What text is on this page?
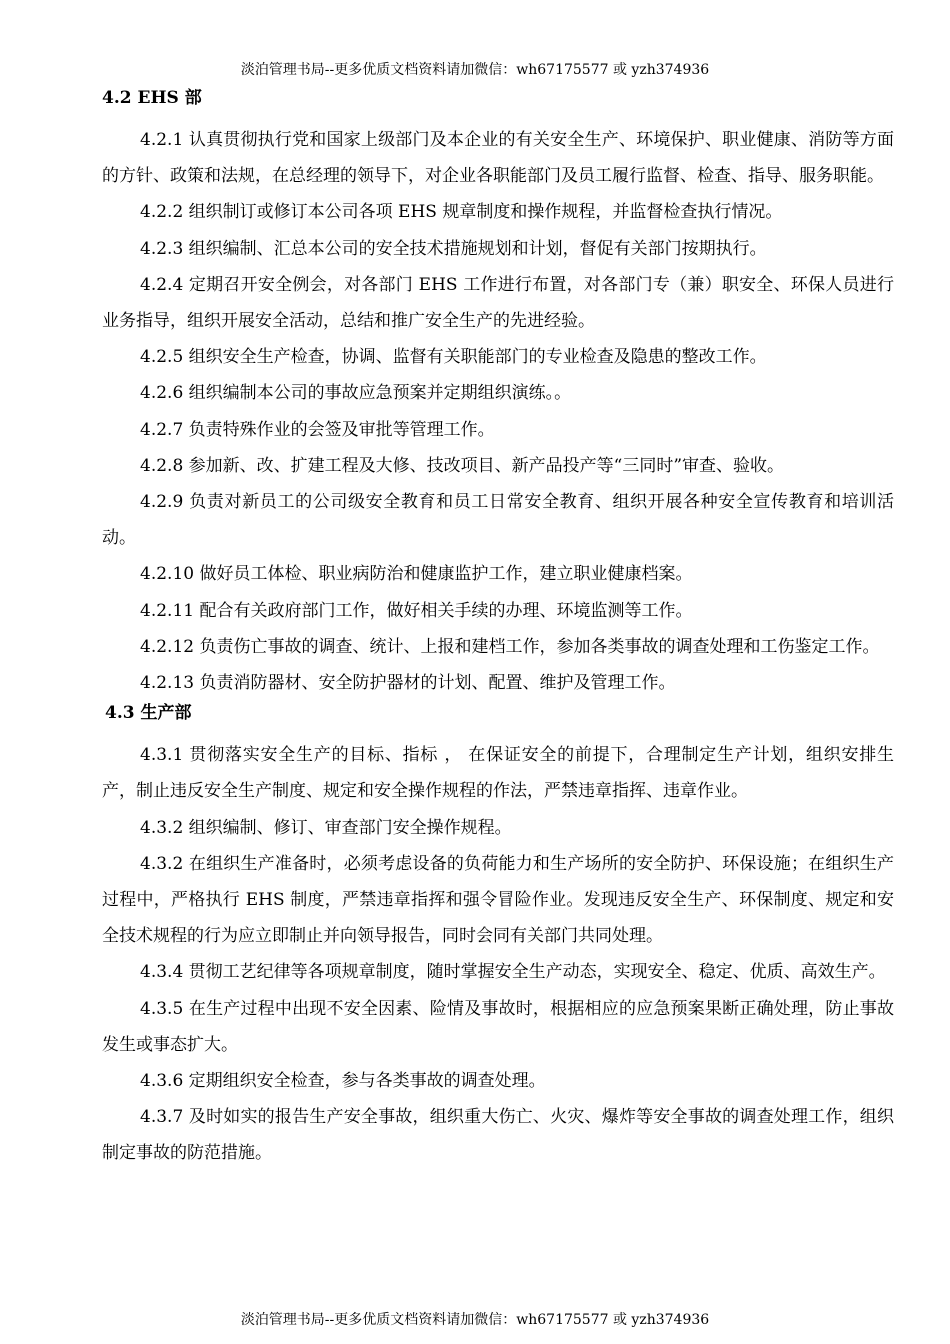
淡泊管理书局--更多优质文档资料请加微信：wh67175577 或 yzh374936
4.2 EHS 部

4.2.1 认真贯彻执行党和国家上级部门及本企业的有关安全生产、环境保护、职业健康、消防等方面的方针、政策和法规，在总经理的领导下，对企业各职能部门及员工履行监督、检查、指导、服务职能。

4.2.2 组织制订或修订本公司各项 EHS 规章制度和操作规程，并监督检查执行情况。

4.2.3 组织编制、汇总本公司的安全技术措施规划和计划，督促有关部门按期执行。

4.2.4 定期召开安全例会，对各部门 EHS 工作进行布置，对各部门专（兼）职安全、环保人员进行业务指导，组织开展安全活动，总结和推广安全生产的先进经验。

4.2.5 组织安全生产检查，协调、监督有关职能部门的专业检查及隐患的整改工作。

4.2.6 组织编制本公司的事故应急预案并定期组织演练。。

4.2.7 负责特殊作业的会签及审批等管理工作。

4.2.8 参加新、改、扩建工程及大修、技改项目、新产品投产等“三同时”审查、验收。

4.2.9 负责对新员工的公司级安全教育和员工日常安全教育、组织开展各种安全宣传教育和培训活动。

4.2.10 做好员工体检、职业病防治和健康监护工作，建立职业健康档案。

4.2.11 配合有关政府部门工作，做好相关手续的办理、环境监测等工作。

4.2.12 负责伤亡事故的调查、统计、上报和建档工作，参加各类事故的调查处理和工伤鉴定工作。

4.2.13 负责消防器材、安全防护器材的计划、配置、维护及管理工作。

4.3 生产部

4.3.1 贯彻落实安全生产的目标、指标 ， 在保证安全的前提下，合理制定生产计划，组织安排生产，制止违反安全生产制度、规定和安全操作规程的作法，严禁违章指挥、违章作业。

4.3.2 组织编制、修订、审查部门安全操作规程。

4.3.2 在组织生产准备时，必须考虑设备的负荷能力和生产场所的安全防护、环保设施；在组织生产过程中，严格执行 EHS 制度，严禁违章指挥和强令冒险作业。发现违反安全生产、环保制度、规定和安全技术规程的行为应立即制止并向领导报告，同时会同有关部门共同处理。

4.3.4 贯彻工艺纪律等各项规章制度，随时掌握安全生产动态，实现安全、稳定、优质、高效生产。

4.3.5 在生产过程中出现不安全因素、险情及事故时，根据相应的应急预案果断正确处理，防止事故发生或事态扩大。

4.3.6 定期组织安全检查，参与各类事故的调查处理。

4.3.7 及时如实的报告生产安全事故，组织重大伤亡、火灾、爆炸等安全事故的调查处理工作，组织制定事故的防范措施。

淡泊管理书局--更多优质文档资料请加微信：wh67175577 或 yzh374936
